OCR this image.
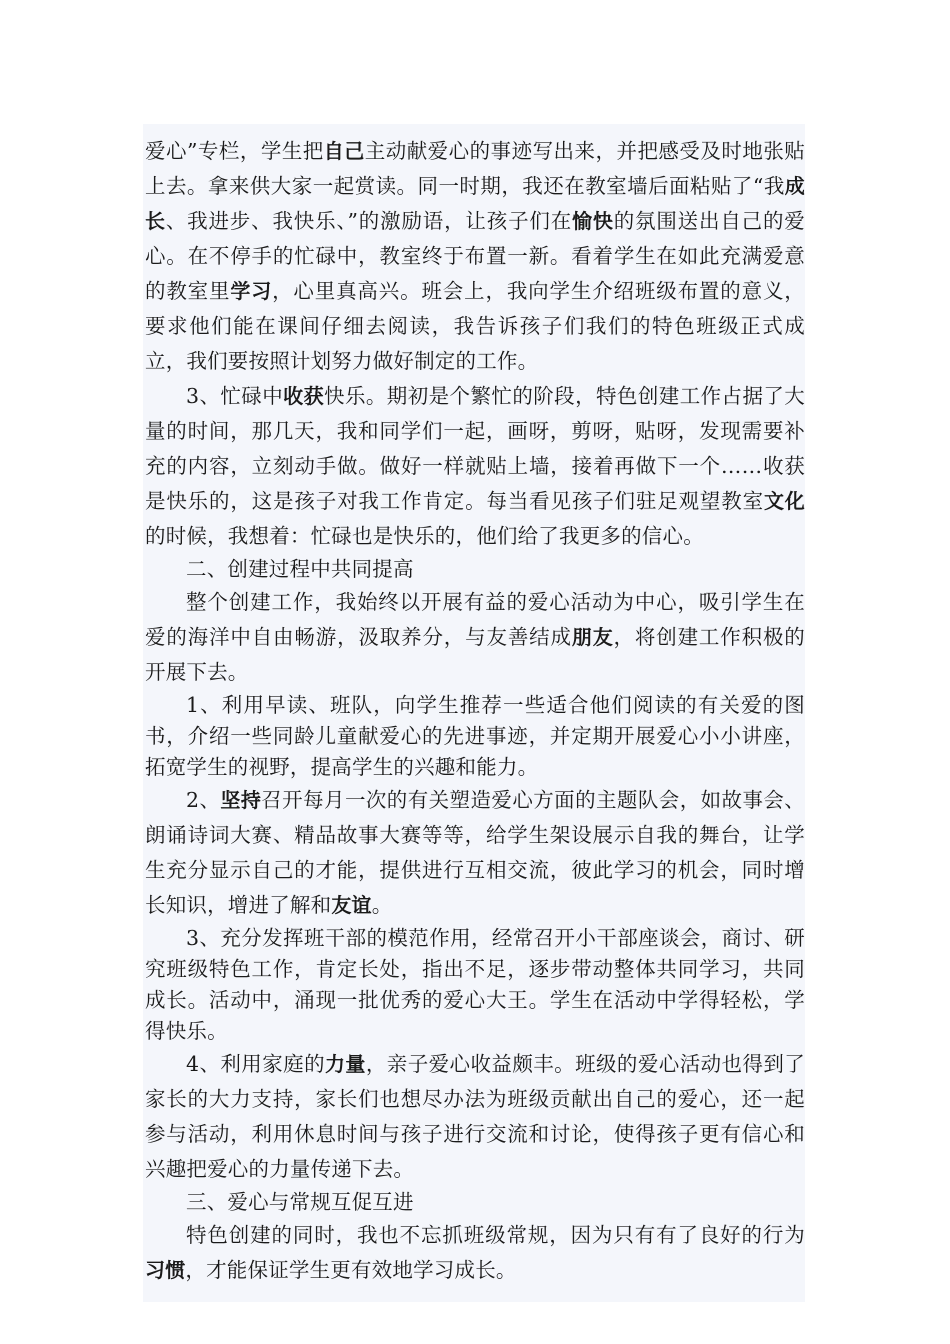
爱心”专栏，学生把自己主动献爱心的事迹写出来，并把感受及时地张贴上去。拿来供大家一起赏读。同一时期，我还在教室墙后面粘贴了“我成长、我进步、我快乐、”的激励语，让孩子们在愉快的氛围送出自己的爱心。在不停手的忙碌中，教室终于布置一新。看着学生在如此充满爱意的教室里学习，心里真高兴。班会上，我向学生介绍班级布置的意义，要求他们能在课间仔细去阅读，我告诉孩子们我们的特色班级正式成立，我们要按照计划努力做好制定的工作。

3、忙碌中收获快乐。期初是个繁忙的阶段，特色创建工作占据了大量的时间，那几天，我和同学们一起，画呀，剪呀，贴呀，发现需要补充的内容，立刻动手做。做好一样就贴上墙，接着再做下一个……收获是快乐的，这是孩子对我工作肯定。每当看见孩子们驻足观望教室文化的时候，我想着：忙碌也是快乐的，他们给了我更多的信心。

二、创建过程中共同提高

整个创建工作，我始终以开展有益的爱心活动为中心，吸引学生在爱的海洋中自由畅游，汲取养分，与友善结成朋友，将创建工作积极的开展下去。

1、利用早读、班队，向学生推荐一些适合他们阅读的有关爱的图书，介绍一些同龄儿童献爱心的先进事迹，并定期开展爱心小小讲座，拓宽学生的视野，提高学生的兴趣和能力。

2、坚持召开每月一次的有关塑造爱心方面的主题队会，如故事会、朗诵诗词大赛、精品故事大赛等等，给学生架设展示自我的舞台，让学生充分显示自己的才能，提供进行互相交流，彼此学习的机会，同时增长知识，增进了解和友谊。

3、充分发挥班干部的模范作用，经常召开小干部座谈会，商讨、研究班级特色工作，肯定长处，指出不足，逐步带动整体共同学习，共同成长。活动中，涌现一批优秀的爱心大王。学生在活动中学得轻松，学得快乐。

4、利用家庭的力量，亲子爱心收益颇丰。班级的爱心活动也得到了家长的大力支持，家长们也想尽办法为班级贡献出自己的爱心，还一起参与活动，利用休息时间与孩子进行交流和讨论，使得孩子更有信心和兴趣把爱心的力量传递下去。

三、爱心与常规互促互进

特色创建的同时，我也不忘抓班级常规，因为只有有了良好的行为习惯，才能保证学生更有效地学习成长。
